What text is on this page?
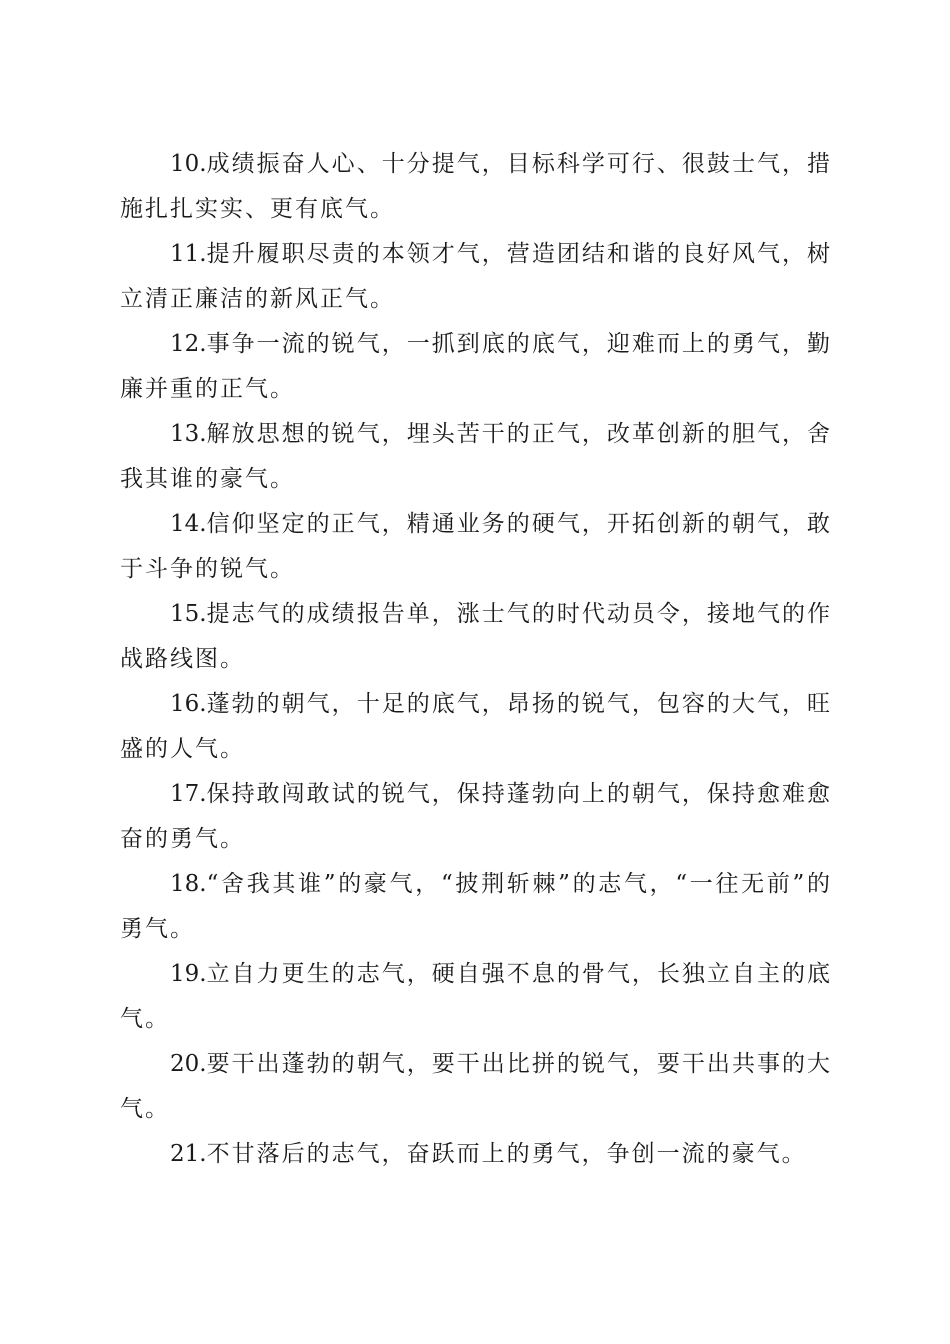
10.成绩振奋人心、十分提气，目标科学可行、很鼓士气，措施扎扎实实、更有底气。

11.提升履职尽责的本领才气，营造团结和谐的良好风气，树立清正廉洁的新风正气。

12.事争一流的锐气，一抓到底的底气，迎难而上的勇气，勤廉并重的正气。

13.解放思想的锐气，埋头苦干的正气，改革创新的胆气，舍我其谁的豪气。

14.信仰坚定的正气，精通业务的硬气，开拓创新的朝气，敢于斗争的锐气。

15.提志气的成绩报告单，涨士气的时代动员令，接地气的作战路线图。

16.蓬勃的朝气，十足的底气，昂扬的锐气，包容的大气，旺盛的人气。

17.保持敢闯敢试的锐气，保持蓬勃向上的朝气，保持愈难愈奋的勇气。

18.“舍我其谁”的豪气，“披荆斩棘”的志气，“一往无前”的勇气。

19.立自力更生的志气，硬自强不息的骨气，长独立自主的底气。

20.要干出蓬勃的朝气，要干出比拼的锐气，要干出共事的大气。

21.不甘落后的志气，奋跃而上的勇气，争创一流的豪气。
